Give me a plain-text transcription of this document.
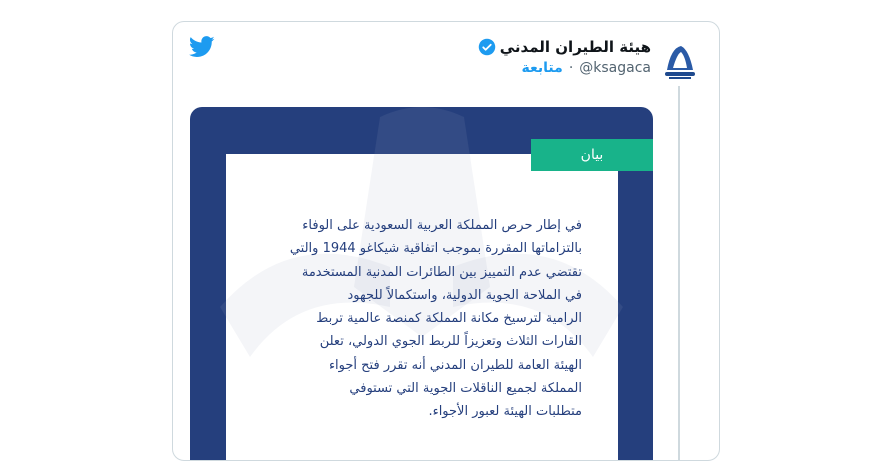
هيئة الطيران المدني
متابعة · @ksagaca
في إطار حرص المملكة العربية السعودية على الوفاء
بالتزاماتها المقررة بموجب اتفاقية شيكاغو 1944 والتي
تقتضي عدم التمييز بين الطائرات المدنية المستخدمة
في الملاحة الجوية الدولية، واستكمالاً للجهود
الرامية لترسيخ مكانة المملكة كمنصة عالمية تربط
القارات الثلاث وتعزيزاً للربط الجوي الدولي، تعلن
الهيئة العامة للطيران المدني أنه تقرر فتح أجواء
المملكة لجميع الناقلات الجوية التي تستوفي
متطلبات الهيئة لعبور الأجواء.
بيان
